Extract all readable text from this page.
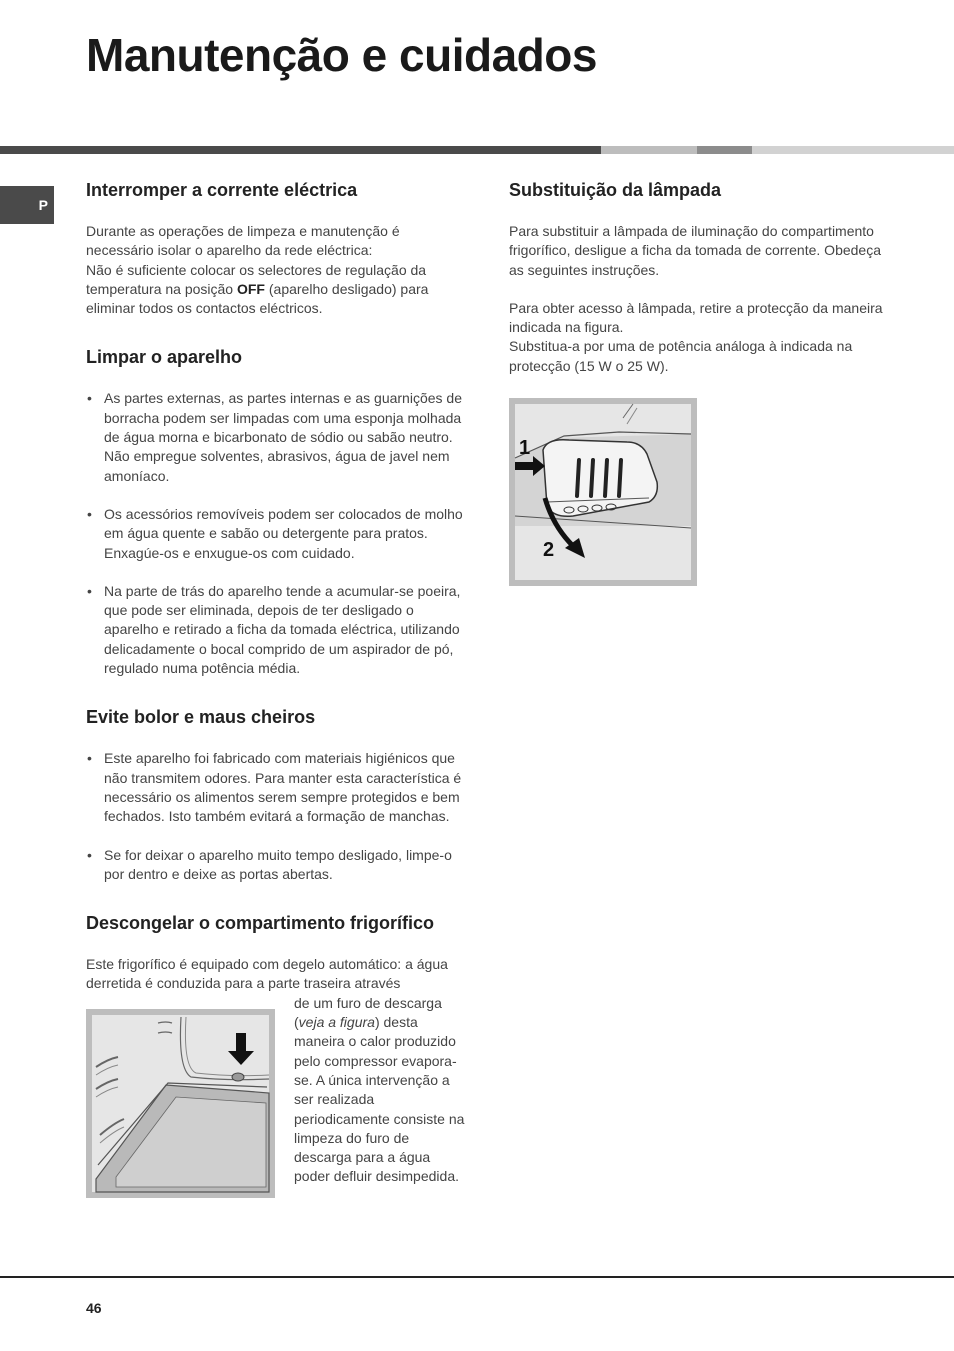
Manutenção e cuidados
P
Interromper a corrente eléctrica

Durante as operações de limpeza e manutenção é necessário isolar o aparelho da rede eléctrica:

Não é suficiente colocar os selectores de regulação da temperatura na posição OFF (aparelho desligado) para eliminar todos os contactos eléctricos.

Limpar o aparelho
• As partes externas, as partes internas e as guarnições de borracha podem ser limpadas com uma esponja molhada de água morna e bicarbonato de sódio ou sabão neutro. Não empregue solventes, abrasivos, água de javel nem amoníaco.
• Os acessórios removíveis podem ser colocados de molho em água quente e sabão ou detergente para pratos. Enxagúe-os e enxugue-os com cuidado.
• Na parte de trás do aparelho tende a acumular-se poeira, que pode ser eliminada, depois de ter desligado o aparelho e retirado a ficha da tomada eléctrica, utilizando delicadamente o bocal comprido de um aspirador de pó, regulado numa potência média.
Evite bolor e maus cheiros
• Este aparelho foi fabricado com materiais higiénicos que não transmitem odores. Para manter esta característica é necessário os alimentos serem sempre protegidos e bem fechados. Isto também evitará a formação de manchas.
• Se for deixar o aparelho muito tempo desligado, limpe-o por dentro e deixe as portas abertas.
Descongelar o compartimento frigorífico

Este frigorífico é equipado com degelo automático: a água derretida é conduzida para a parte traseira através

de um furo de descarga (veja a figura) desta maneira o calor produzido pelo compressor evapora-se. A única intervenção a ser realizada periodicamente consiste na limpeza do furo de descarga para a água poder defluir desimpedida.

Substituição da lâmpada

Para substituir a lâmpada de iluminação do compartimento frigorífico, desligue a ficha da tomada de corrente. Obedeça as seguintes instruções.

Para obter acesso à lâmpada, retire a protecção da maneira indicada na figura.

Substitua-a por uma de potência análoga à indicada na protecção (15 W o 25 W).

1
2
46
